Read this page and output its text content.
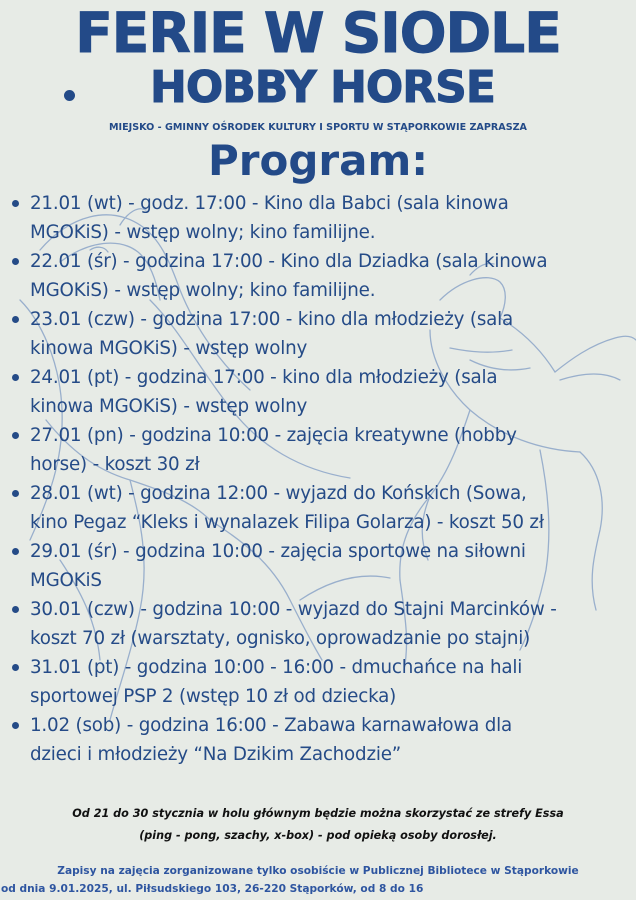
FERIE W SIODLE
HOBBY HORSE
MIEJSKO - GMINNY OŚRODEK KULTURY I SPORTU W STĄPORKOWIE ZAPRASZA
Program:
21.01 (wt) - godz. 17:00 - Kino dla Babci (sala kinowa
MGOKiS) - wstęp wolny; kino familijne.
22.01 (śr) - godzina 17:00 - Kino dla Dziadka (sala kinowa
MGOKiS) - wstęp wolny; kino familijne.
23.01 (czw) - godzina 17:00 - kino dla młodzieży (sala
kinowa MGOKiS) - wstęp wolny
24.01 (pt) - godzina 17:00 - kino dla młodzieży (sala
kinowa MGOKiS) - wstęp wolny
27.01 (pn) - godzina 10:00 - zajęcia kreatywne (hobby
horse) - koszt 30 zł
28.01 (wt) - godzina 12:00 - wyjazd do Końskich (Sowa,
kino Pegaz “Kleks i wynalazek Filipa Golarza) - koszt 50 zł
29.01 (śr) - godzina 10:00 - zajęcia sportowe na siłowni
MGOKiS
30.01 (czw) - godzina 10:00 - wyjazd do Stajni Marcinków -
koszt 70 zł (warsztaty, ognisko, oprowadzanie po stajni)
31.01 (pt) - godzina 10:00 - 16:00 - dmuchańce na hali
sportowej PSP 2 (wstęp 10 zł od dziecka)
1.02 (sob) - godzina 16:00 - Zabawa karnawałowa dla
dzieci i młodzieży “Na Dzikim Zachodzie”
Od 21 do 30 stycznia w holu głównym będzie można skorzystać ze strefy Essa
(ping - pong, szachy, x-box) - pod opieką osoby dorosłej.
Zapisy na zajęcia zorganizowane tylko osobiście w Publicznej Bibliotece w Stąporkowie
od dnia 9.01.2025, ul. Piłsudskiego 103, 26-220 Stąporków, od 8 do 16
